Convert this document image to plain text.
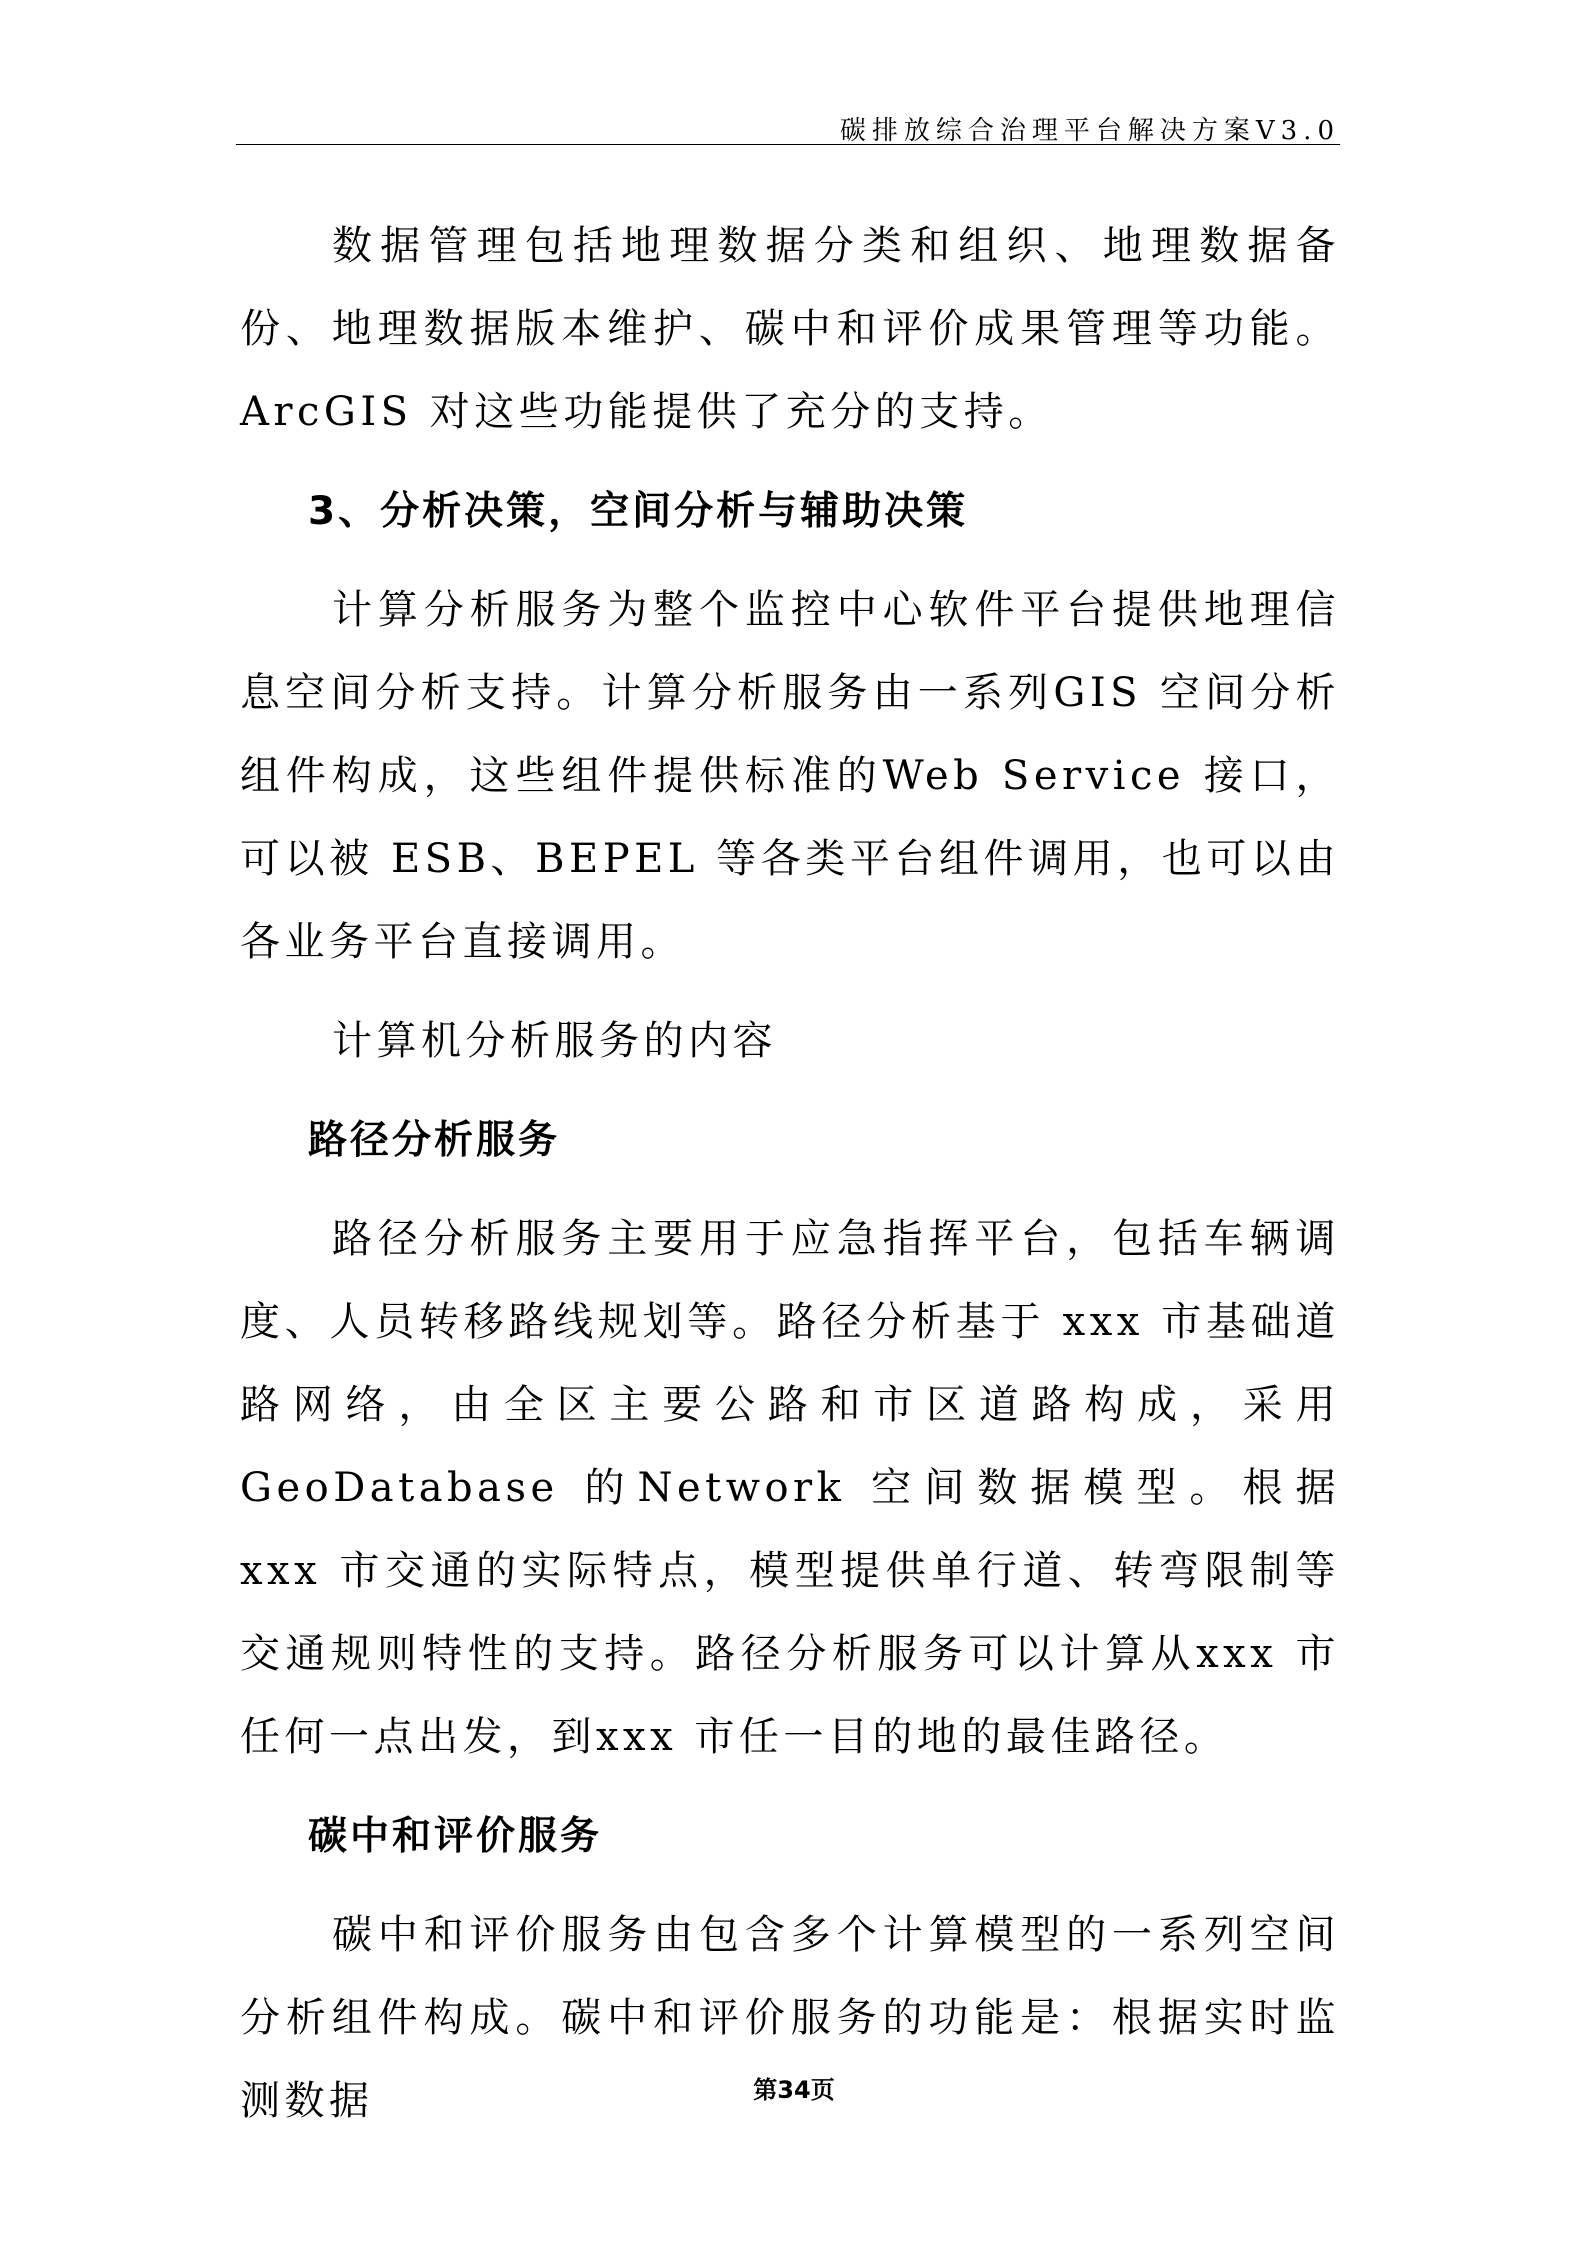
碳排放综合治理平台解决方案V3.0

数据管理包括地理数据分类和组织、地理数据备份、地理数据版本维护、碳中和评价成果管理等功能。ArcGIS 对这些功能提供了充分的支持。

3、分析决策，空间分析与辅助决策

计算分析服务为整个监控中心软件平台提供地理信息空间分析支持。计算分析服务由一系列GIS 空间分析组件构成，这些组件提供标准的Web Service 接口，可以被 ESB、BEPEL 等各类平台组件调用，也可以由各业务平台直接调用。

计算机分析服务的内容

路径分析服务

路径分析服务主要用于应急指挥平台，包括车辆调度、人员转移路线规划等。路径分析基于 xxx 市基础道路网络，由全区主要公路和市区道路构成，采用 GeoDatabase 的Network 空间数据模型。根据 xxx 市交通的实际特点，模型提供单行道、转弯限制等交通规则特性的支持。路径分析服务可以计算从xxx 市任何一点出发，到xxx 市任一目的地的最佳路径。

碳中和评价服务

碳中和评价服务由包含多个计算模型的一系列空间分析组件构成。碳中和评价服务的功能是：根据实时监测数据	第34页
